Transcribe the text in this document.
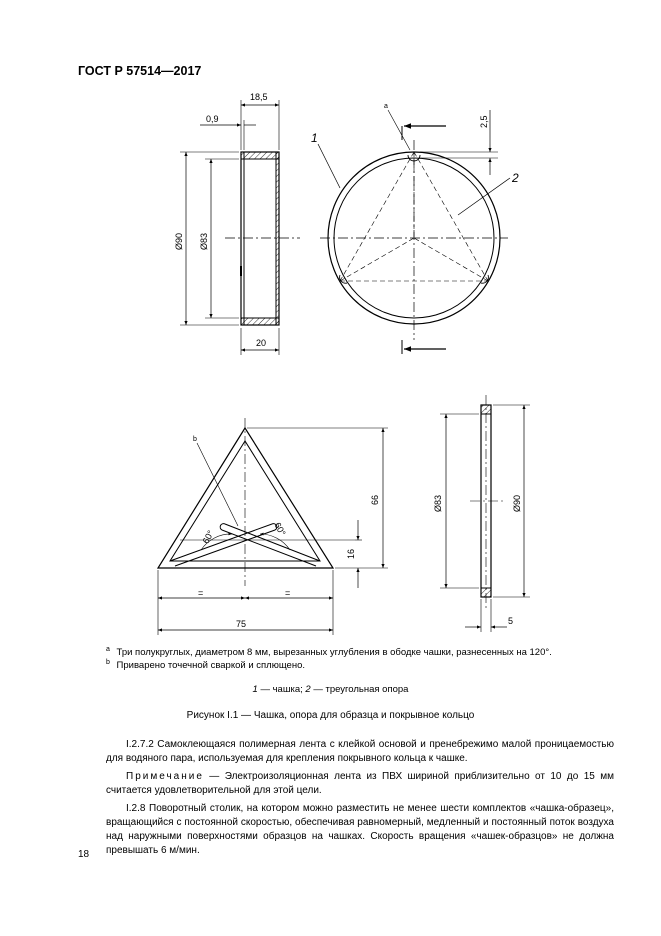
ГОСТ Р 57514—2017
18,5
0,9
Ø90 Ø83
20
a
1
2
2,5
b
60°	60°
66
16
=	=
75
Ø83	Ø90
5
$^a$ Три полукруглых, диаметром 8 мм, вырезанных углубления в ободке чашки, разнесенных на 120°.
$^b$ Приварено точечной сваркой и сплющено.
1 — чашка; 2 — треугольная опора
Рисунок I.1 — Чашка, опора для образца и покрывное кольцо
I.2.7.2 Самоклеющаяся полимерная лента с клейкой основой и пренебрежимо малой проницаемостью для водяного пара, используемая для крепления покрывного кольца к чашке.
Примечание — Электроизоляционная лента из ПВХ шириной приблизительно от 10 до 15 мм считается удовлетворительной для этой цели.
I.2.8 Поворотный столик, на котором можно разместить не менее шести комплектов «чашка-образец», вращающийся с постоянной скоростью, обеспечивая равномерный, медленный и постоянный поток воздуха над наружными поверхностями образцов на чашках. Скорость вращения «чашек-образцов» не должна превышать 6 м/мин.
18
